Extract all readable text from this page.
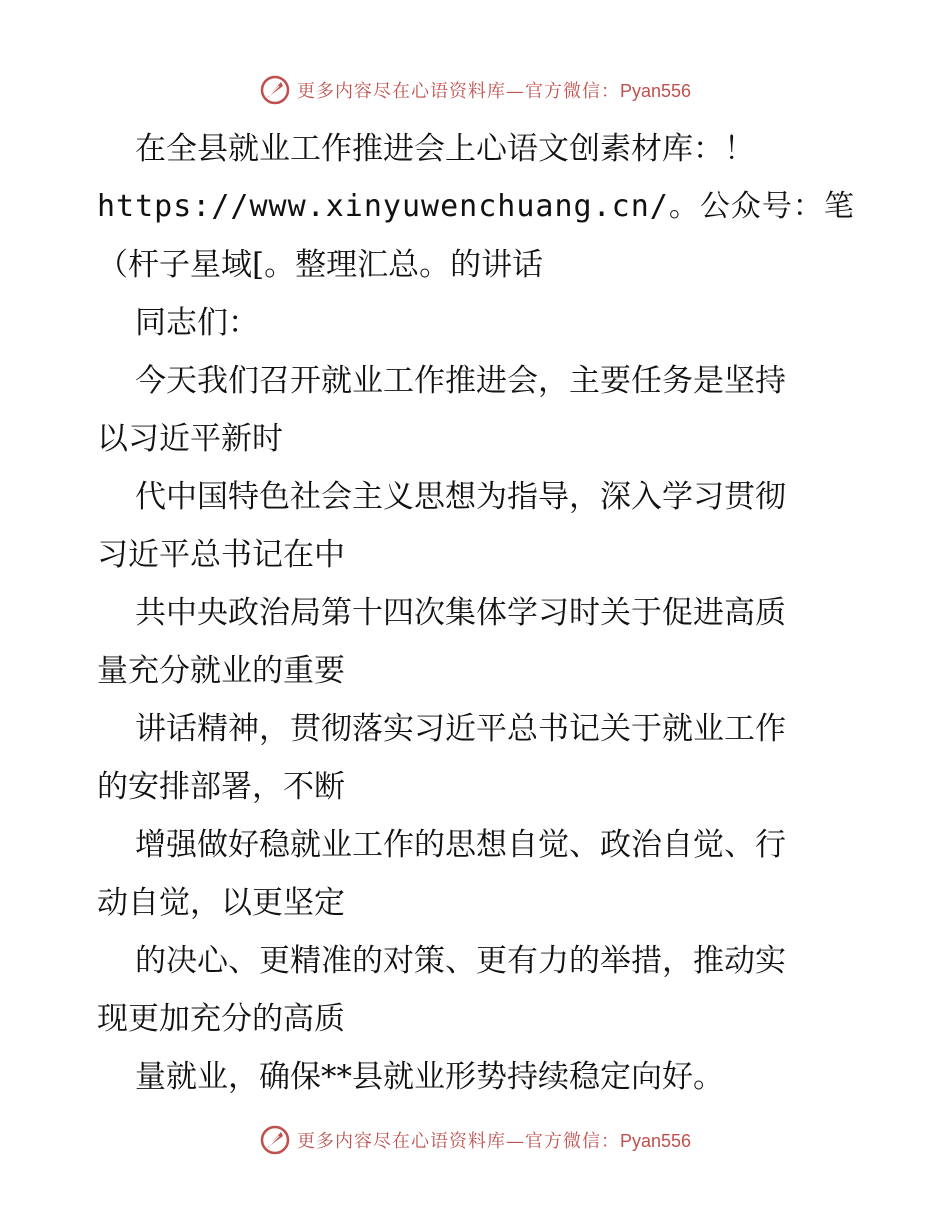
更多内容尽在心语资料库—官方微信：Pyan556
在全县就业工作推进会上心语文创素材库：！
https://www.xinyuwenchuang.cn/。公众号：笔
（杆子星域[。整理汇总。的讲话
同志们：
今天我们召开就业工作推进会，主要任务是坚持
以习近平新时
代中国特色社会主义思想为指导，深入学习贯彻
习近平总书记在中
共中央政治局第十四次集体学习时关于促进高质
量充分就业的重要
讲话精神，贯彻落实习近平总书记关于就业工作
的安排部署，不断
增强做好稳就业工作的思想自觉、政治自觉、行
动自觉，以更坚定
的决心、更精准的对策、更有力的举措，推动实
现更加充分的高质
量就业，确保**县就业形势持续稳定向好。
更多内容尽在心语资料库—官方微信：Pyan556
